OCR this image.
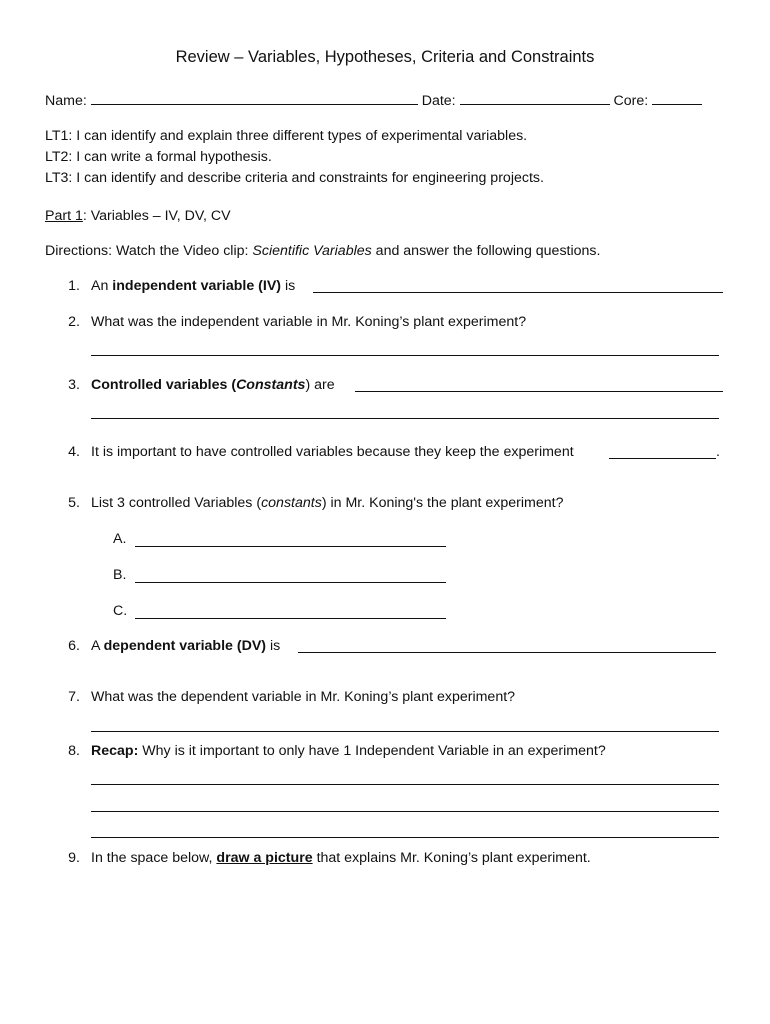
Review – Variables, Hypotheses, Criteria and Constraints
Name:	Date:	Core:
LT1: I can identify and explain three different types of experimental variables.
LT2: I can write a formal hypothesis.
LT3: I can identify and describe criteria and constraints for engineering projects.
Part 1: Variables – IV, DV, CV
Directions: Watch the Video clip: Scientific Variables and answer the following questions.
1. An independent variable (IV) is
2. What was the independent variable in Mr. Koning’s plant experiment?
3. Controlled variables (Constants) are
4. It is important to have controlled variables because they keep the experiment	.
5. List 3 controlled Variables (constants) in Mr. Koning's the plant experiment?
A.
B.
C.
6. A dependent variable (DV) is
7. What was the dependent variable in Mr. Koning’s plant experiment?
8. Recap: Why is it important to only have 1 Independent Variable in an experiment?
9. In the space below, draw a picture that explains Mr. Koning’s plant experiment.
